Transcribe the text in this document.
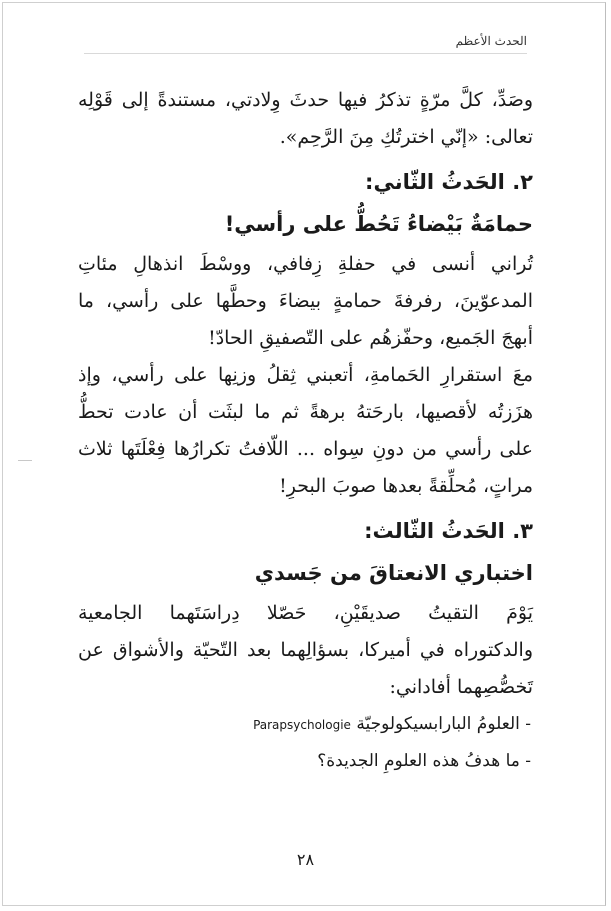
الحدث الأعظم

وصَدِّ، كلَّ مرّةٍ تذكرُ فيها حدثَ وِلادتي، مستندةً إلى قَوْلِه

تعالى: «إنّي اخترتُكِ مِنَ الرَّحِم».

٢. الحَدثُ الثّاني:
حمامَةٌ بَيْضاءُ تَحُطُّ على رأسي!

تُراني أنسى في حفلةِ زِفافي، ووسْطَ انذهالِ مئاتِ

المدعوّينَ، رفرفةَ حمامةٍ بيضاءَ وحطَّها على رأسي، ما

أبهجَ الجَميع، وحفّزهُم على التّصفيقِ الحادّ!

معَ استقرارِ الحَمامةِ، أتعبني ثِقلُ وزنِها على رأسي، وإذ

هزَزتُه لأقصيها، بارحَتهُ برهةً ثم ما لبثَت أن عادت تحطُّ

على رأسي من دونِ سِواه ... اللّافتُ تكرارُها فِعْلَتَها ثلاث

مراتٍ، مُحلِّقةً بعدها صوبَ البحرِ!

٣. الحَدثُ الثّالث:
اختباري الانعتاقَ من جَسدي

يَوْمَ التقيتُ صديقَيْنِ، حَصّلا دِراسَتَهما الجامعية

والدكتوراه في أميركا، بسؤالِهما بعد التّحيّة والأشواق عن

تَخصُّصِهما أفاداني:

- العلومُ البارابسيكولوجيّة Parapsychologie

- ما هدفُ هذه العلومِ الجديدة؟

٢٨
